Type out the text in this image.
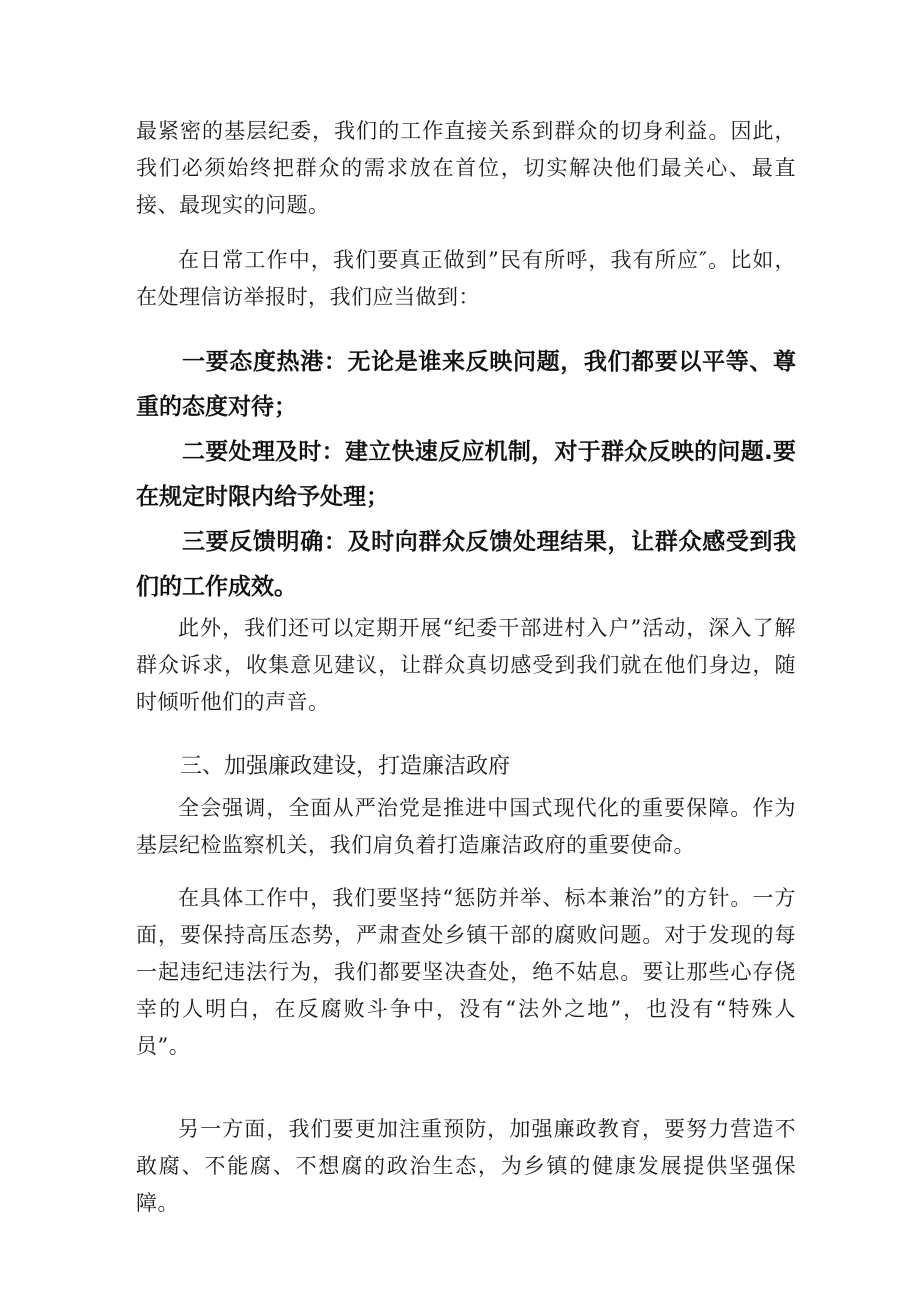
最紧密的基层纪委，我们的工作直接关系到群众的切身利益。因此，我们必须始终把群众的需求放在首位，切实解决他们最关心、最直接、最现实的问题。

在日常工作中，我们要真正做到”民有所呼，我有所应″。比如，在处理信访举报时，我们应当做到：

一要态度热港：无论是谁来反映问题，我们都要以平等、尊重的态度对待；

二要处理及时：建立快速反应机制，对于群众反映的问题.要在规定时限内给予处理；

三要反馈明确：及时向群众反馈处理结果，让群众感受到我们的工作成效。

此外，我们还可以定期开展“纪委干部进村入户”活动，深入了解群众诉求，收集意见建议，让群众真切感受到我们就在他们身边，随时倾听他们的声音。

三、加强廉政建设，打造廉洁政府

全会强调，全面从严治党是推进中国式现代化的重要保障。作为基层纪检监察机关，我们肩负着打造廉洁政府的重要使命。

在具体工作中，我们要坚持“惩防并举、标本兼治”的方针。一方面，要保持高压态势，严肃查处乡镇干部的腐败问题。对于发现的每一起违纪违法行为，我们都要坚决查处，绝不姑息。要让那些心存侥幸的人明白，在反腐败斗争中，没有“法外之地”，也没有“特殊人员”。

另一方面，我们要更加注重预防，加强廉政教育，要努力营造不敢腐、不能腐、不想腐的政治生态，为乡镇的健康发展提供坚强保障。
